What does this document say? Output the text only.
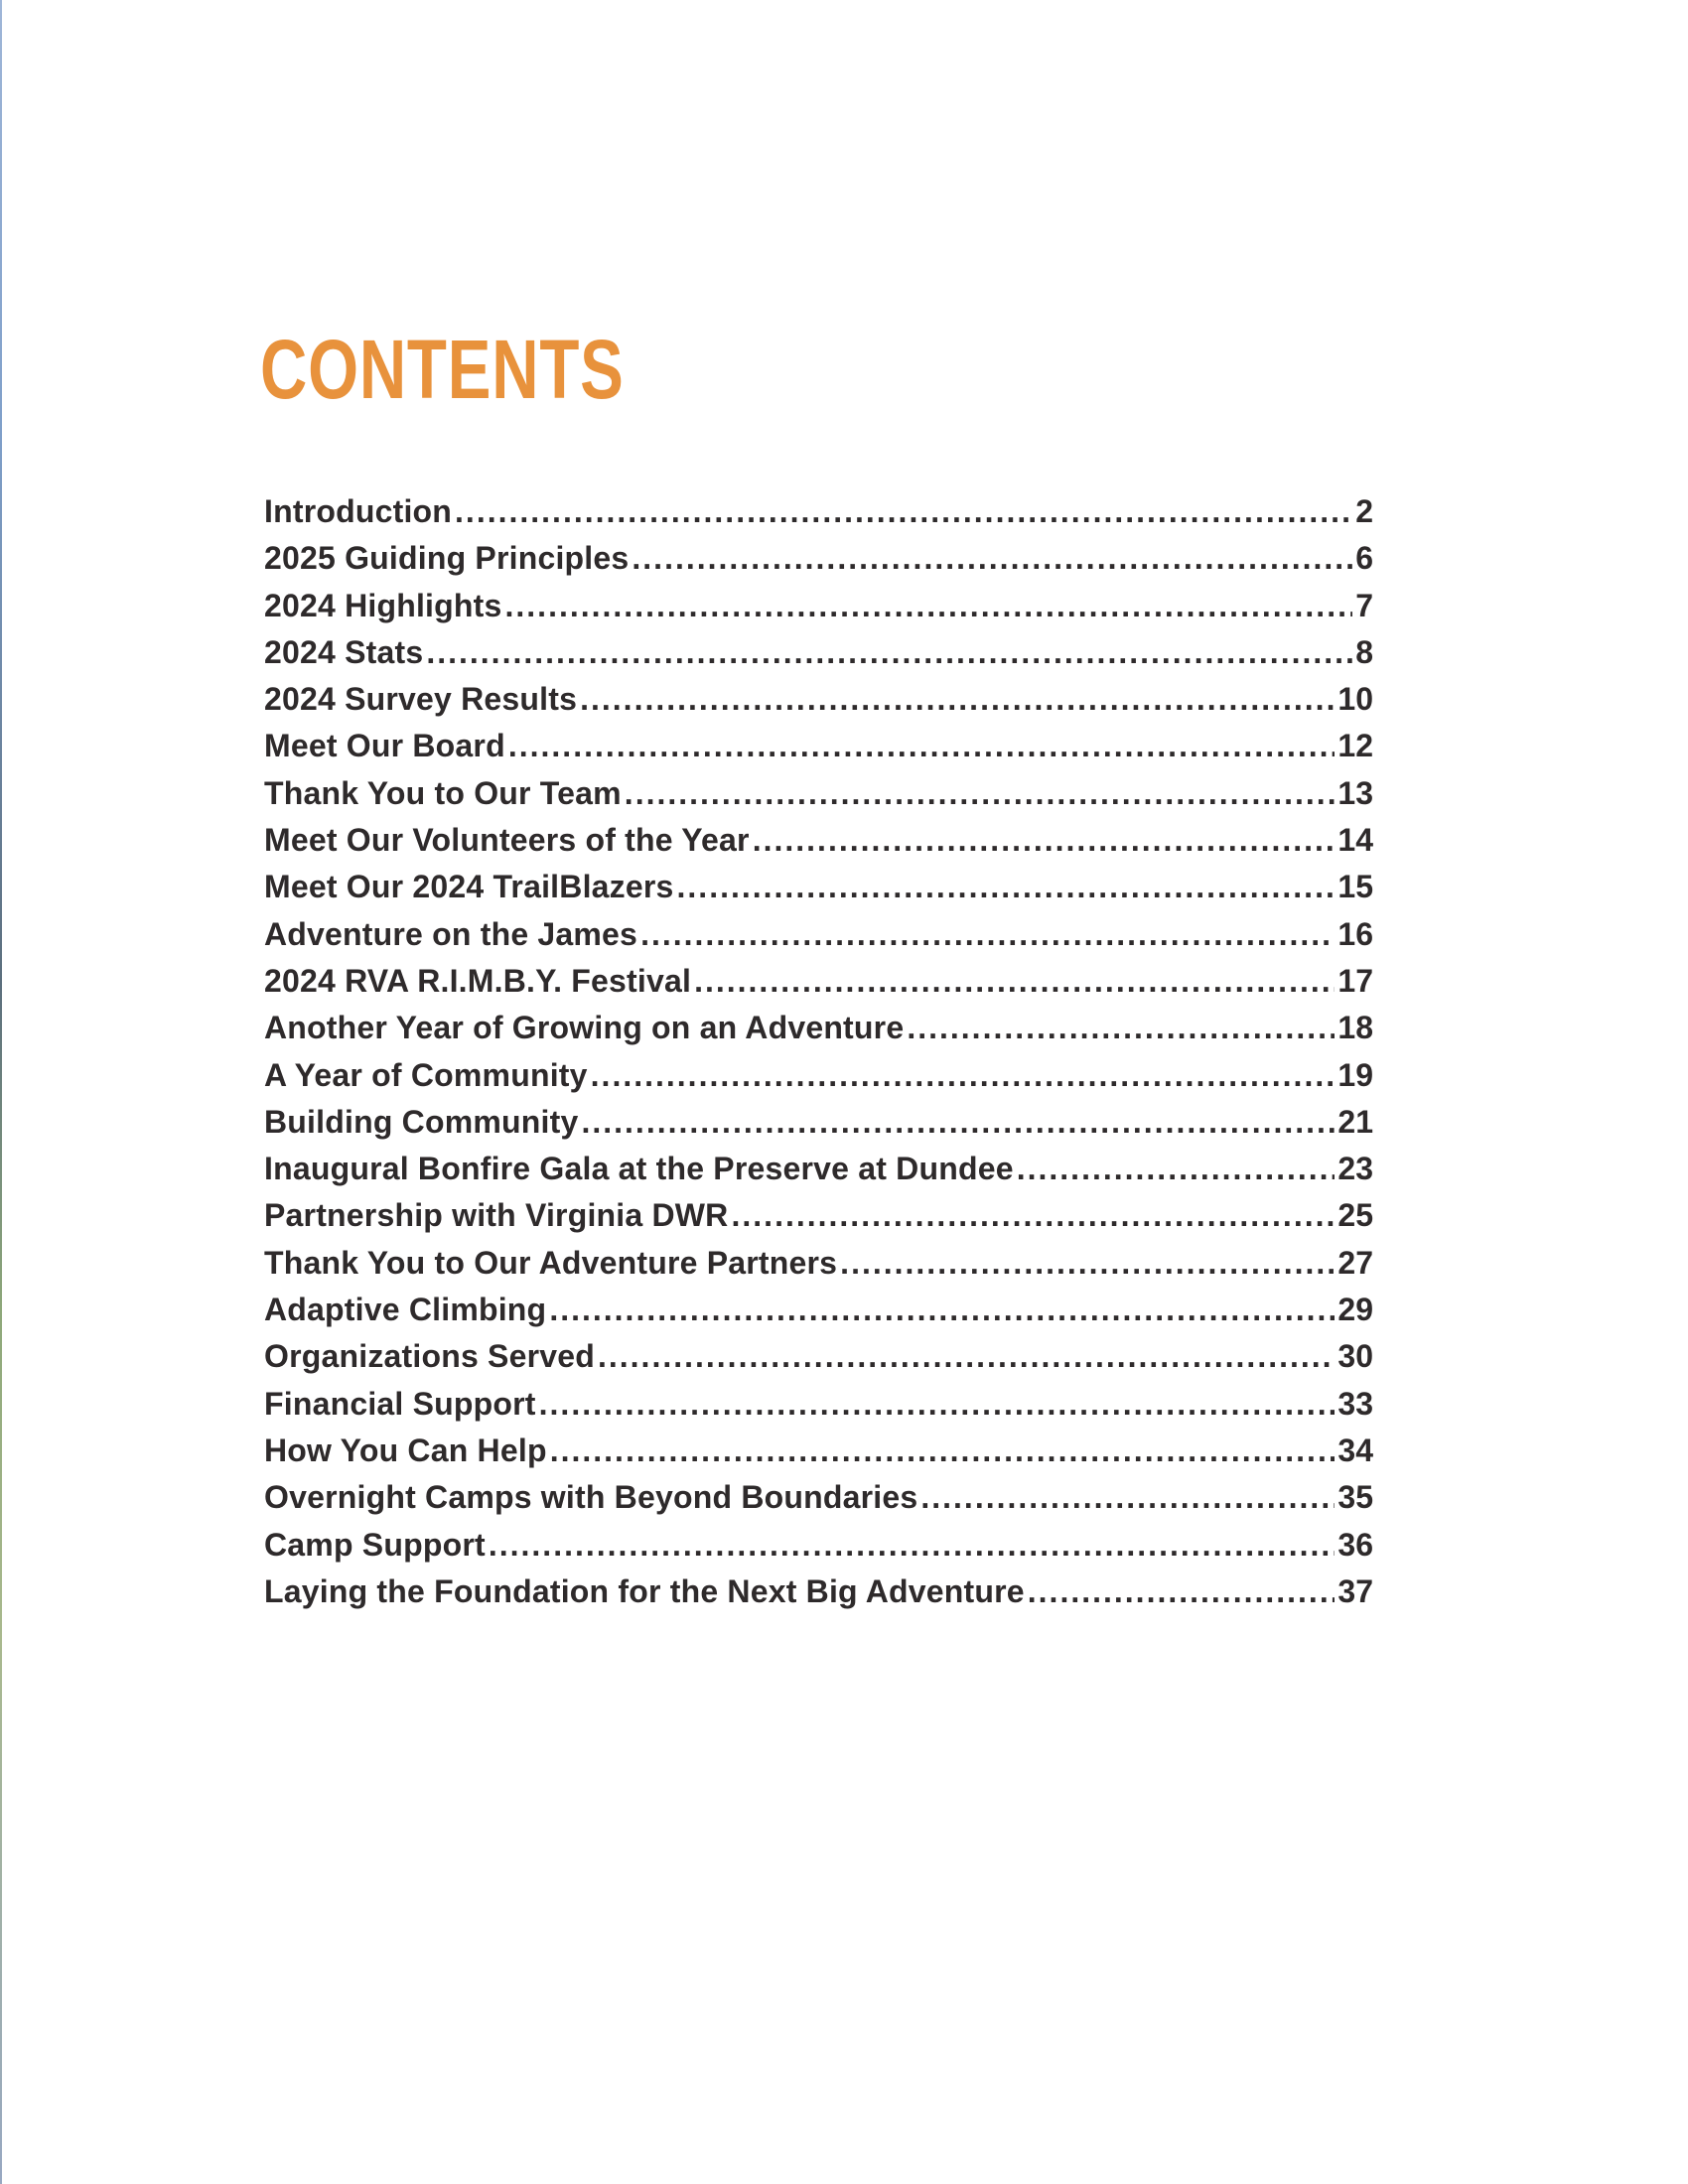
CONTENTS
Introduction .....	2
2025 Guiding Principles .....	6
2024 Highlights .....	7
2024 Stats .....	8
2024 Survey Results .....	10
Meet Our Board .....	12
Thank You to Our Team .....	13
Meet Our Volunteers of the Year .....	14
Meet Our 2024 TrailBlazers .....	15
Adventure on the James .....	16
2024 RVA R.I.M.B.Y. Festival .....	17
Another Year of Growing on an Adventure .....	18
A Year of Community .....	19
Building Community .....	21
Inaugural Bonfire Gala at the Preserve at Dundee .....	23
Partnership with Virginia DWR .....	25
Thank You to Our Adventure Partners .....	27
Adaptive Climbing .....	29
Organizations Served .....	30
Financial Support .....	33
How You Can Help .....	34
Overnight Camps with Beyond Boundaries .....	35
Camp Support .....	36
Laying the Foundation for the Next Big Adventure .....	37
